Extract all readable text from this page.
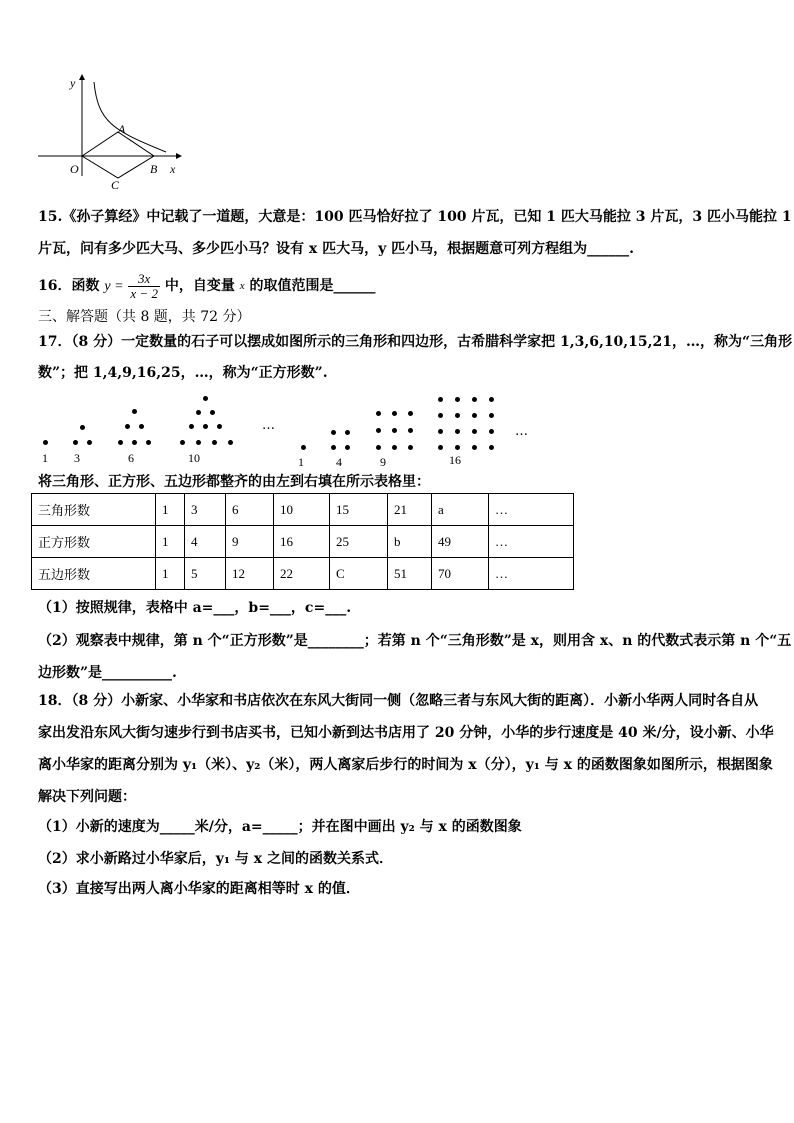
y
A
O	B x
C
15.《孙子算经》中记载了一道题，大意是：100 匹马恰好拉了 100 片瓦，已知 1 匹大马能拉 3 片瓦，3 匹小马能拉 1
片瓦，问有多少匹大马、多少匹小马？设有 x 匹大马，y 匹小马，根据题意可列方程组为______.
16．函数 $y = \frac{3x}{x - 2}$ 中，自变量 $^x$ 的取值范围是______
三、解答题（共 8 题，共 72 分）
17．（8 分）一定数量的石子可以摆成如图所示的三角形和四边形，古希腊科学家把 1,3,6,10,15,21，…，称为“三角形
数”；把 1,4,9,16,25，…，称为“正方形数”.
1 3	6	10
…
1	4	9	16
…
将三角形、正方形、五边形都整齐的由左到右填在所示表格里：
三角形数	1	3	6	10	15	21	a	…
正方形数	1	4	9	16	25	b	49	…
五边形数	1	5	12	22	C	51	70	…
（1）按照规律，表格中 a=___，b=___，c=___.
（2）观察表中规律，第 n 个“正方形数”是________；若第 n 个“三角形数”是 x，则用含 x、n 的代数式表示第 n 个“五
边形数”是__________.
18．（8 分）小新家、小华家和书店依次在东风大街同一侧（忽略三者与东风大街的距离）．小新小华两人同时各自从
家出发沿东风大街匀速步行到书店买书，已知小新到达书店用了 20 分钟，小华的步行速度是 40 米/分，设小新、小华
离小华家的距离分别为 y₁（米）、y₂（米），两人离家后步行的时间为 x（分），y₁ 与 x 的函数图象如图所示，根据图象
解决下列问题：
（1）小新的速度为_____米/分，a=_____；并在图中画出 y₂ 与 x 的函数图象
（2）求小新路过小华家后，y₁ 与 x 之间的函数关系式．
（3）直接写出两人离小华家的距离相等时 x 的值．
